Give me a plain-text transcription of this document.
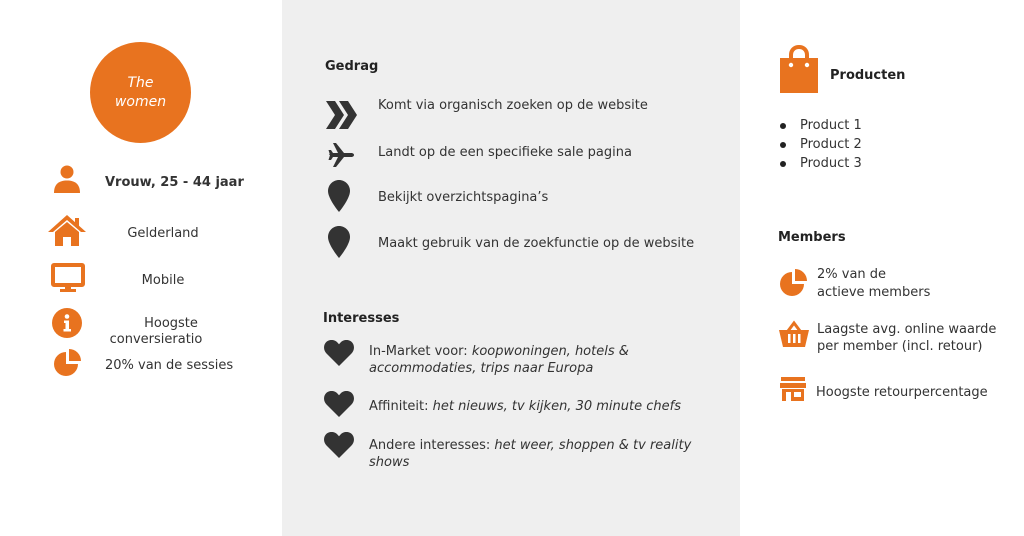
The
women
Vrouw, 25 - 44 jaar
Gelderland
Mobile
Hoogste
conversieratio
20% van de sessies
Gedrag
Komt via organisch zoeken op de website
Landt op de een specifieke sale pagina
Bekijkt overzichtspagina’s
Maakt gebruik van de zoekfunctie op de website
Interesses
In-Market voor: koopwoningen, hotels &
accommodaties, trips naar Europa
Affiniteit: het nieuws, tv kijken, 30 minute chefs
Andere interesses: het weer, shoppen & tv reality
shows
Producten
Product 1
Product 2
Product 3
Members
2% van de
actieve members
Laagste avg. online waarde
per member (incl. retour)
Hoogste retourpercentage
